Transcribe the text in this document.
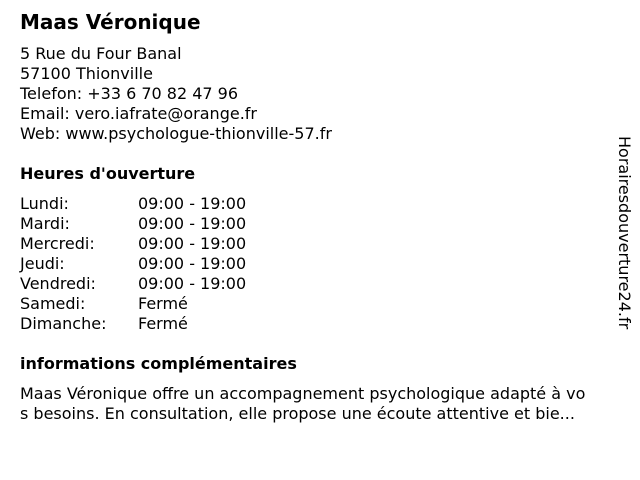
Maas Véronique
5 Rue du Four Banal
57100 Thionville
Telefon: +33 6 70 82 47 96
Email: vero.iafrate@orange.fr
Web: www.psychologue-thionville-57.fr
Heures d'ouverture
Lundi:	09:00 - 19:00
Mardi:	09:00 - 19:00
Mercredi:	09:00 - 19:00
Jeudi:	09:00 - 19:00
Vendredi:	09:00 - 19:00
Samedi:	Fermé
Dimanche: Fermé
informations complémentaires
Maas Véronique offre un accompagnement psychologique adapté à vo
s besoins. En consultation, elle propose une écoute attentive et bie...
Horairesdouverture24.fr
